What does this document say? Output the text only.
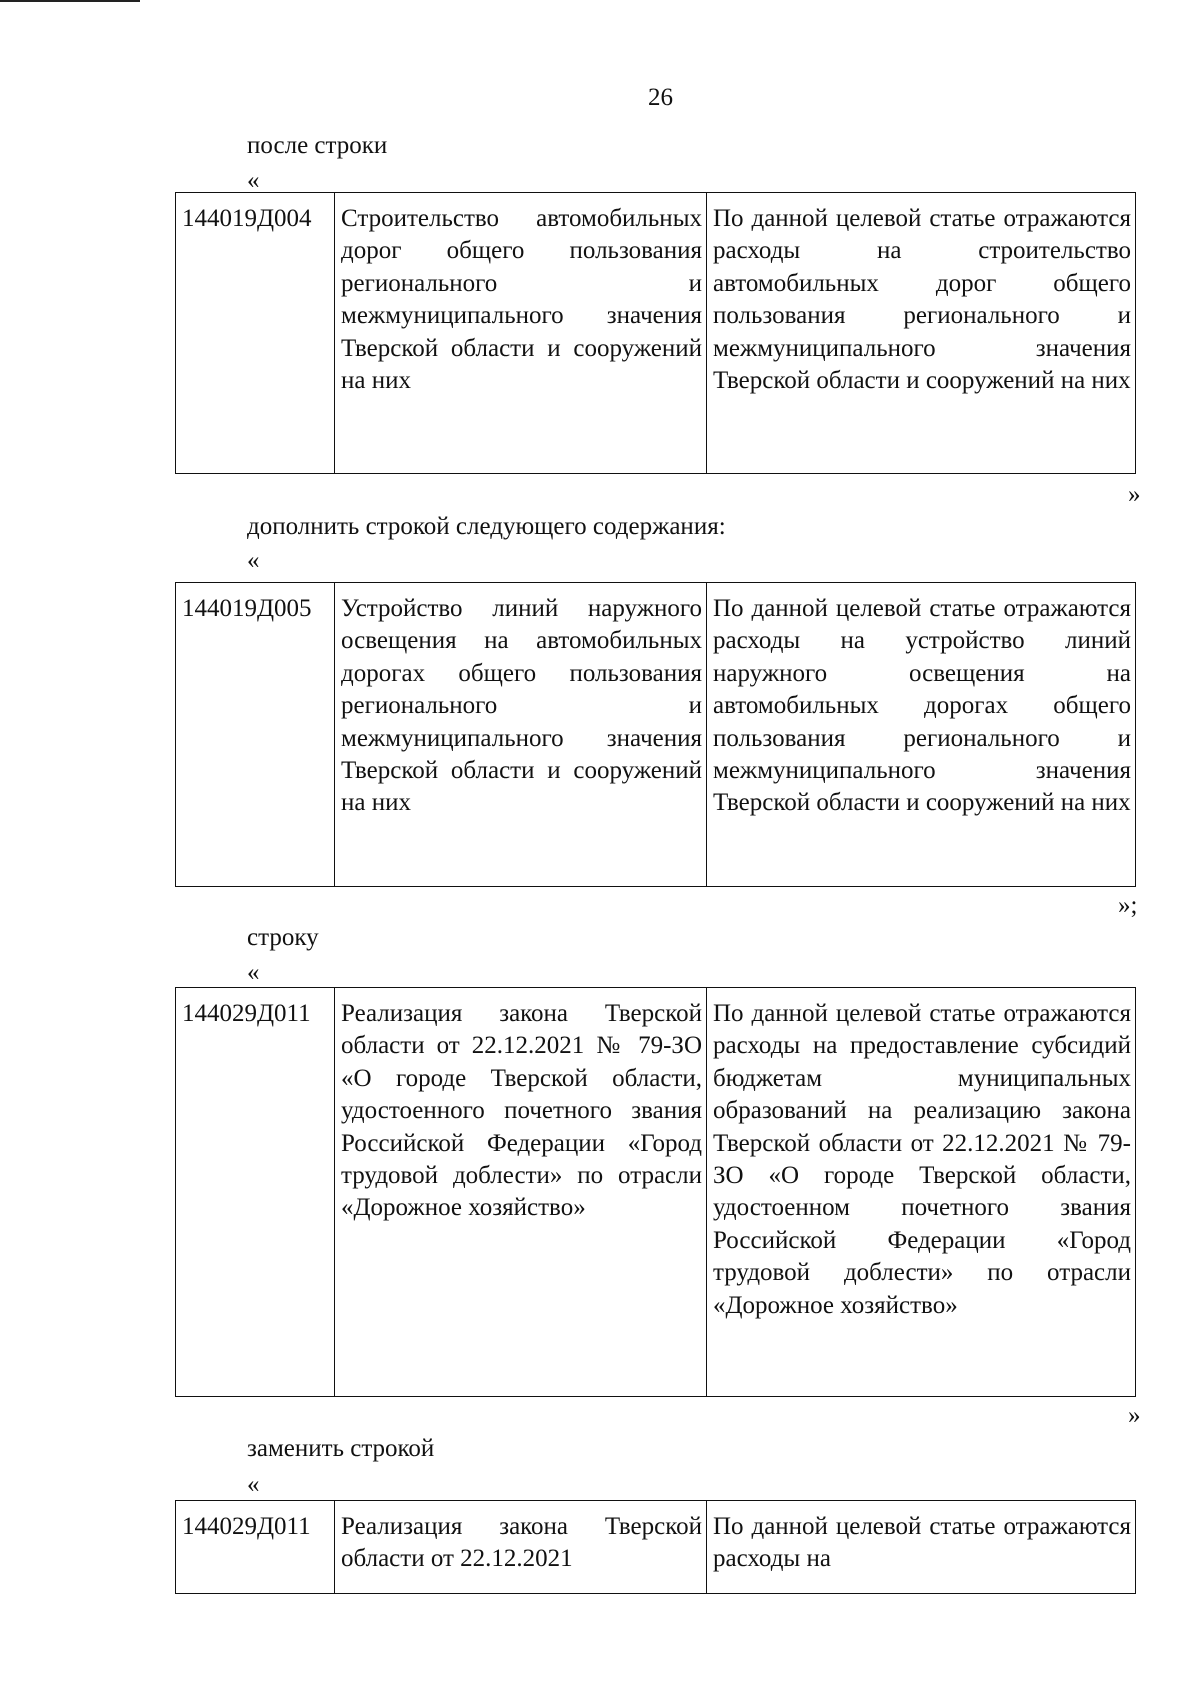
26
после строки
«
144019Д004	Строительство автомобильных дорог общего пользования регионального и межмуниципального значения Тверской области и сооружений на них	По данной целевой статье отражаются расходы на строительство автомобильных дорог общего пользования регионального и межмуниципального значения Тверской области и сооружений на них
»
дополнить строкой следующего содержания:
«
144019Д005	Устройство линий наружного освещения на автомобильных дорогах общего пользования регионального и межмуниципального значения Тверской области и сооружений на них	По данной целевой статье отражаются расходы на устройство линий наружного освещения на автомобильных дорогах общего пользования регионального и межмуниципального значения Тверской области и сооружений на них
»;
строку
«
144029Д011	Реализация закона Тверской области от 22.12.2021 № 79-ЗО «О городе Тверской области, удостоенного почетного звания Российской Федерации «Город трудовой доблести» по отрасли «Дорожное хозяйство»	По данной целевой статье отражаются расходы на предоставление субсидий бюджетам муниципальных образований на реализацию закона Тверской области от 22.12.2021 № 79-ЗО «О городе Тверской области, удостоенном почетного звания Российской Федерации «Город трудовой доблести» по отрасли «Дорожное хозяйство»
»
заменить строкой
«
144029Д011	Реализация закона Тверской области от 22.12.2021	По данной целевой статье отражаются расходы на
